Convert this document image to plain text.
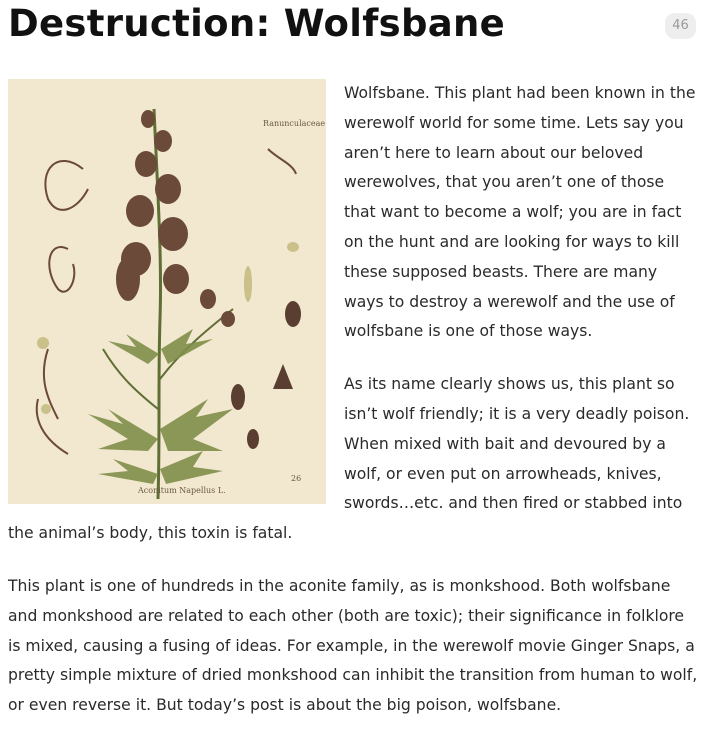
Destruction: Wolfsbane	46
Ranunculaceae
Aconitum Napellus L.
26

Wolfsbane. This plant had been known in the werewolf world for some time. Lets say you aren’t here to learn about our beloved werewolves, that you aren’t one of those that want to become a wolf; you are in fact on the hunt and are looking for ways to kill these supposed beasts. There are many ways to destroy a werewolf and the use of wolfsbane is one of those ways.

As its name clearly shows us, this plant so isn’t wolf friendly; it is a very deadly poison. When mixed with bait and devoured by a wolf, or even put on arrowheads, knives, swords…etc. and then fired or stabbed into the animal’s body, this toxin is fatal.

This plant is one of hundreds in the aconite family, as is monkshood. Both wolfsbane and monkshood are related to each other (both are toxic); their significance in folklore is mixed, causing a fusing of ideas. For example, in the werewolf movie Ginger Snaps, a pretty simple mixture of dried monkshood can inhibit the transition from human to wolf, or even reverse it. But today’s post is about the big poison, wolfsbane.
